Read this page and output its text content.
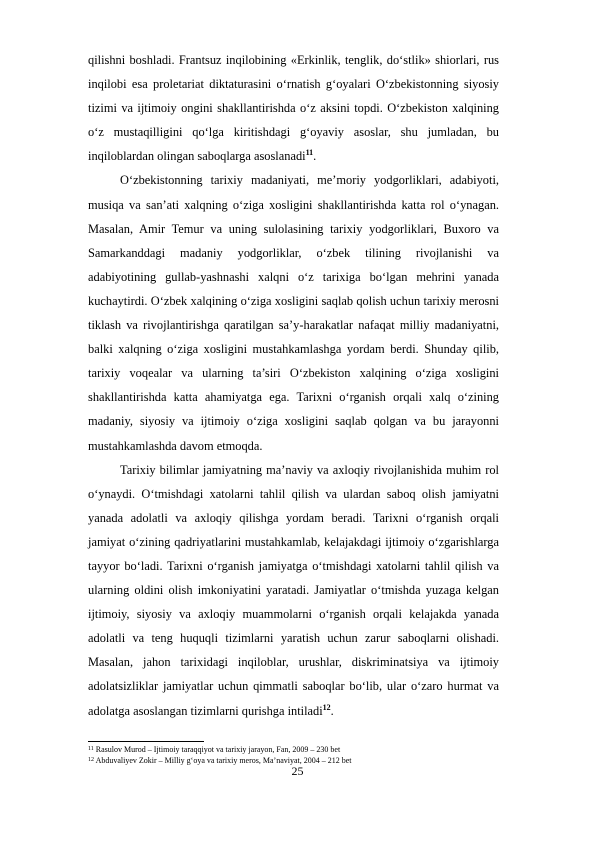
qilishni boshladi. Frantsuz inqilobining «Erkinlik, tenglik, do‘stlik» shiorlari, rus inqilobi esa proletariat diktaturasini o‘rnatish g‘oyalari O‘zbekistonning siyosiy tizimi va ijtimoiy ongini shakllantirishda o‘z aksini topdi. O‘zbekiston xalqining o‘z mustaqilligini qo‘lga kiritishdagi g‘oyaviy asoslar, shu jumladan, bu inqiloblardan olingan saboqlarga asoslanadi$^{11}$.

O‘zbekistonning tarixiy madaniyati, me’moriy yodgorliklari, adabiyoti, musiqa va san’ati xalqning o‘ziga xosligini shakllantirishda katta rol o‘ynagan. Masalan, Amir Temur va uning sulolasining tarixiy yodgorliklari, Buxoro va Samarkanddagi madaniy yodgorliklar, o‘zbek tilining rivojlanishi va adabiyotining gullab-yashnashi xalqni o‘z tarixiga bo‘lgan mehrini yanada kuchaytirdi. O‘zbek xalqining o‘ziga xosligini saqlab qolish uchun tarixiy merosni tiklash va rivojlantirishga qaratilgan sa’y-harakatlar nafaqat milliy madaniyatni, balki xalqning o‘ziga xosligini mustahkamlashga yordam berdi. Shunday qilib, tarixiy voqealar va ularning ta’siri O‘zbekiston xalqining o‘ziga xosligini shakllantirishda katta ahamiyatga ega. Tarixni o‘rganish orqali xalq o‘zining madaniy, siyosiy va ijtimoiy o‘ziga xosligini saqlab qolgan va bu jarayonni mustahkamlashda davom etmoqda.

Tarixiy bilimlar jamiyatning ma’naviy va axloqiy rivojlanishida muhim rol o‘ynaydi. O‘tmishdagi xatolarni tahlil qilish va ulardan saboq olish jamiyatni yanada adolatli va axloqiy qilishga yordam beradi. Tarixni o‘rganish orqali jamiyat o‘zining qadriyatlarini mustahkamlab, kelajakdagi ijtimoiy o‘zgarishlarga tayyor bo‘ladi. Tarixni o‘rganish jamiyatga o‘tmishdagi xatolarni tahlil qilish va ularning oldini olish imkoniyatini yaratadi. Jamiyatlar o‘tmishda yuzaga kelgan ijtimoiy, siyosiy va axloqiy muammolarni o‘rganish orqali kelajakda yanada adolatli va teng huquqli tizimlarni yaratish uchun zarur saboqlarni olishadi. Masalan, jahon tarixidagi inqiloblar, urushlar, diskriminatsiya va ijtimoiy adolatsizliklar jamiyatlar uchun qimmatli saboqlar bo‘lib, ular o‘zaro hurmat va adolatga asoslangan tizimlarni qurishga intiladi$^{12}$.

$^{11}$ Rasulov Murod – Ijtimoiy taraqqiyot va tarixiy jarayon, Fan, 2009 – 230 bet
$^{12}$ Abduvaliyev Zokir – Milliy g‘oya va tarixiy meros, Ma’naviyat, 2004 – 212 bet
25
